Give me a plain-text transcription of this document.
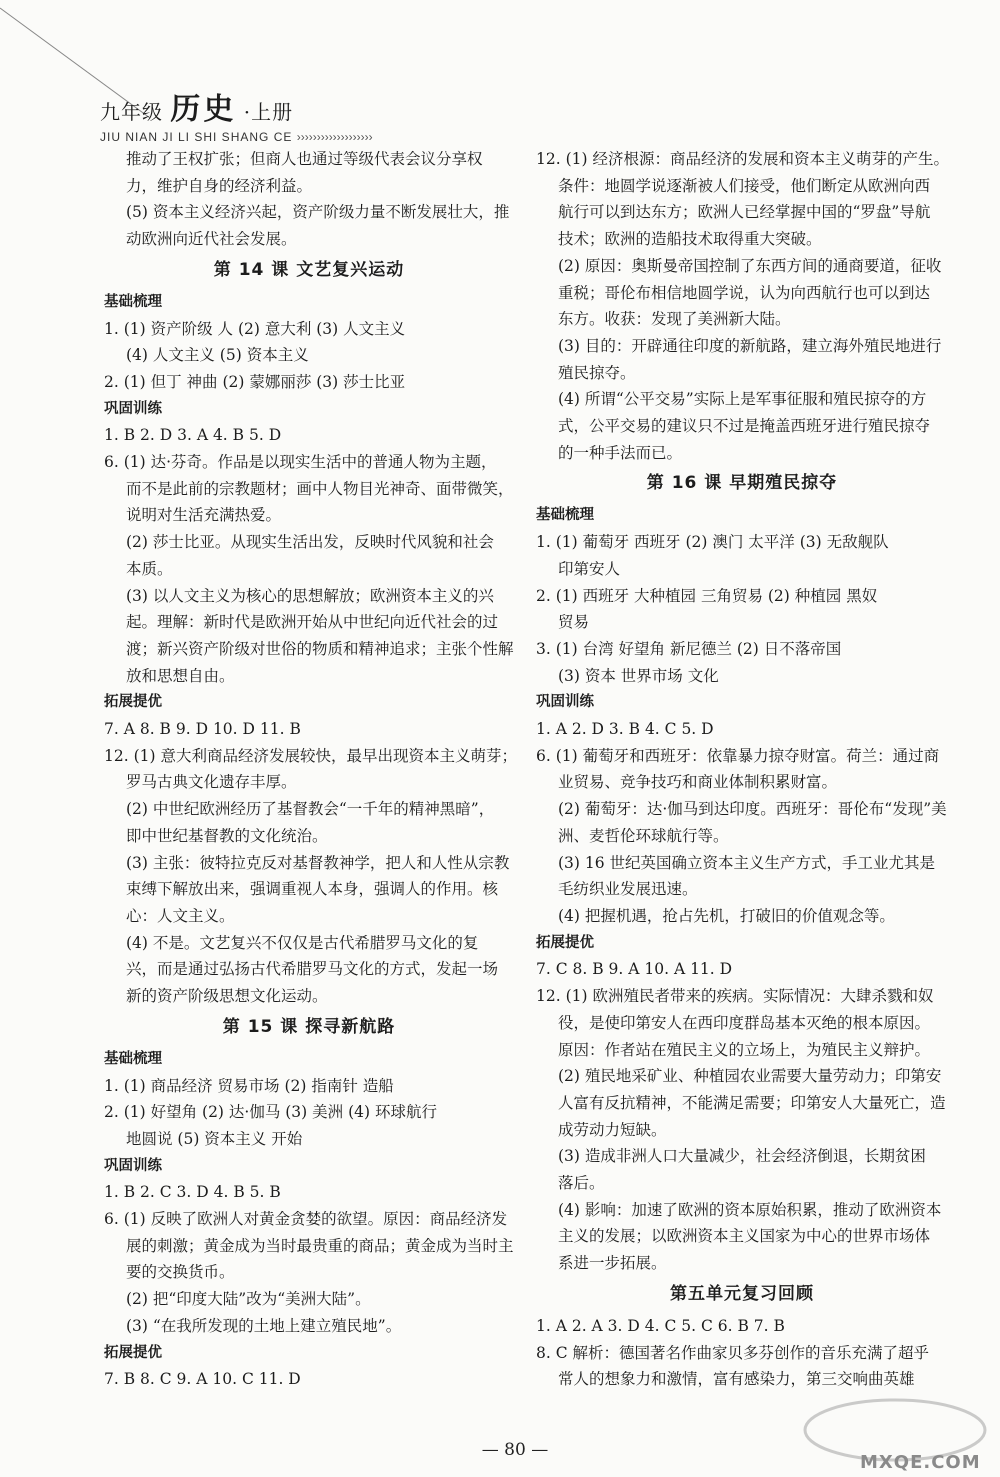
九年级 历史 ·上册
JIU NIAN JI LI SHI SHANG CE ›››››››››››››››››››

推动了王权扩张；但商人也通过等级代表会议分享权

力，维护自身的经济利益。

(5) 资本主义经济兴起，资产阶级力量不断发展壮大，推

动欧洲向近代社会发展。

第 14 课 文艺复兴运动

基础梳理

1. (1) 资产阶级 人 (2) 意大利 (3) 人文主义

(4) 人文主义 (5) 资本主义

2. (1) 但丁 神曲 (2) 蒙娜丽莎 (3) 莎士比亚

巩固训练

1. B 2. D 3. A 4. B 5. D

6. (1) 达·芬奇。作品是以现实生活中的普通人物为主题，

而不是此前的宗教题材；画中人物目光神奇、面带微笑，

说明对生活充满热爱。

(2) 莎士比亚。从现实生活出发，反映时代风貌和社会

本质。

(3) 以人文主义为核心的思想解放；欧洲资本主义的兴

起。理解：新时代是欧洲开始从中世纪向近代社会的过

渡；新兴资产阶级对世俗的物质和精神追求；主张个性解

放和思想自由。

拓展提优

7. A 8. B 9. D 10. D 11. B

12. (1) 意大利商品经济发展较快，最早出现资本主义萌芽；

罗马古典文化遗存丰厚。

(2) 中世纪欧洲经历了基督教会“一千年的精神黑暗”，

即中世纪基督教的文化统治。

(3) 主张：彼特拉克反对基督教神学，把人和人性从宗教

束缚下解放出来，强调重视人本身，强调人的作用。核

心：人文主义。

(4) 不是。文艺复兴不仅仅是古代希腊罗马文化的复

兴，而是通过弘扬古代希腊罗马文化的方式，发起一场

新的资产阶级思想文化运动。

第 15 课 探寻新航路

基础梳理

1. (1) 商品经济 贸易市场 (2) 指南针 造船

2. (1) 好望角 (2) 达·伽马 (3) 美洲 (4) 环球航行

地圆说 (5) 资本主义 开始

巩固训练

1. B 2. C 3. D 4. B 5. B

6. (1) 反映了欧洲人对黄金贪婪的欲望。原因：商品经济发

展的刺激；黄金成为当时最贵重的商品；黄金成为当时主

要的交换货币。

(2) 把“印度大陆”改为“美洲大陆”。

(3) “在我所发现的土地上建立殖民地”。

拓展提优

7. B 8. C 9. A 10. C 11. D

12. (1) 经济根源：商品经济的发展和资本主义萌芽的产生。

条件：地圆学说逐渐被人们接受，他们断定从欧洲向西

航行可以到达东方；欧洲人已经掌握中国的“罗盘”导航

技术；欧洲的造船技术取得重大突破。

(2) 原因：奥斯曼帝国控制了东西方间的通商要道，征收

重税；哥伦布相信地圆学说，认为向西航行也可以到达

东方。收获：发现了美洲新大陆。

(3) 目的：开辟通往印度的新航路，建立海外殖民地进行

殖民掠夺。

(4) 所谓“公平交易”实际上是军事征服和殖民掠夺的方

式，公平交易的建议只不过是掩盖西班牙进行殖民掠夺

的一种手法而已。

第 16 课 早期殖民掠夺

基础梳理

1. (1) 葡萄牙 西班牙 (2) 澳门 太平洋 (3) 无敌舰队

印第安人

2. (1) 西班牙 大种植园 三角贸易 (2) 种植园 黑奴

贸易

3. (1) 台湾 好望角 新尼德兰 (2) 日不落帝国

(3) 资本 世界市场 文化

巩固训练

1. A 2. D 3. B 4. C 5. D

6. (1) 葡萄牙和西班牙：依靠暴力掠夺财富。荷兰：通过商

业贸易、竞争技巧和商业体制积累财富。

(2) 葡萄牙：达·伽马到达印度。西班牙：哥伦布“发现”美

洲、麦哲伦环球航行等。

(3) 16 世纪英国确立资本主义生产方式，手工业尤其是

毛纺织业发展迅速。

(4) 把握机遇，抢占先机，打破旧的价值观念等。

拓展提优

7. C 8. B 9. A 10. A 11. D

12. (1) 欧洲殖民者带来的疾病。实际情况：大肆杀戮和奴

役，是使印第安人在西印度群岛基本灭绝的根本原因。

原因：作者站在殖民主义的立场上，为殖民主义辩护。

(2) 殖民地采矿业、种植园农业需要大量劳动力；印第安

人富有反抗精神，不能满足需要；印第安人大量死亡，造

成劳动力短缺。

(3) 造成非洲人口大量减少，社会经济倒退，长期贫困

落后。

(4) 影响：加速了欧洲的资本原始积累，推动了欧洲资本

主义的发展；以欧洲资本主义国家为中心的世界市场体

系进一步拓展。

第五单元复习回顾

1. A 2. A 3. D 4. C 5. C 6. B 7. B

8. C 解析：德国著名作曲家贝多芬创作的音乐充满了超乎

常人的想象力和激情，富有感染力，第三交响曲英雄

— 80 —
MXQE.COM
